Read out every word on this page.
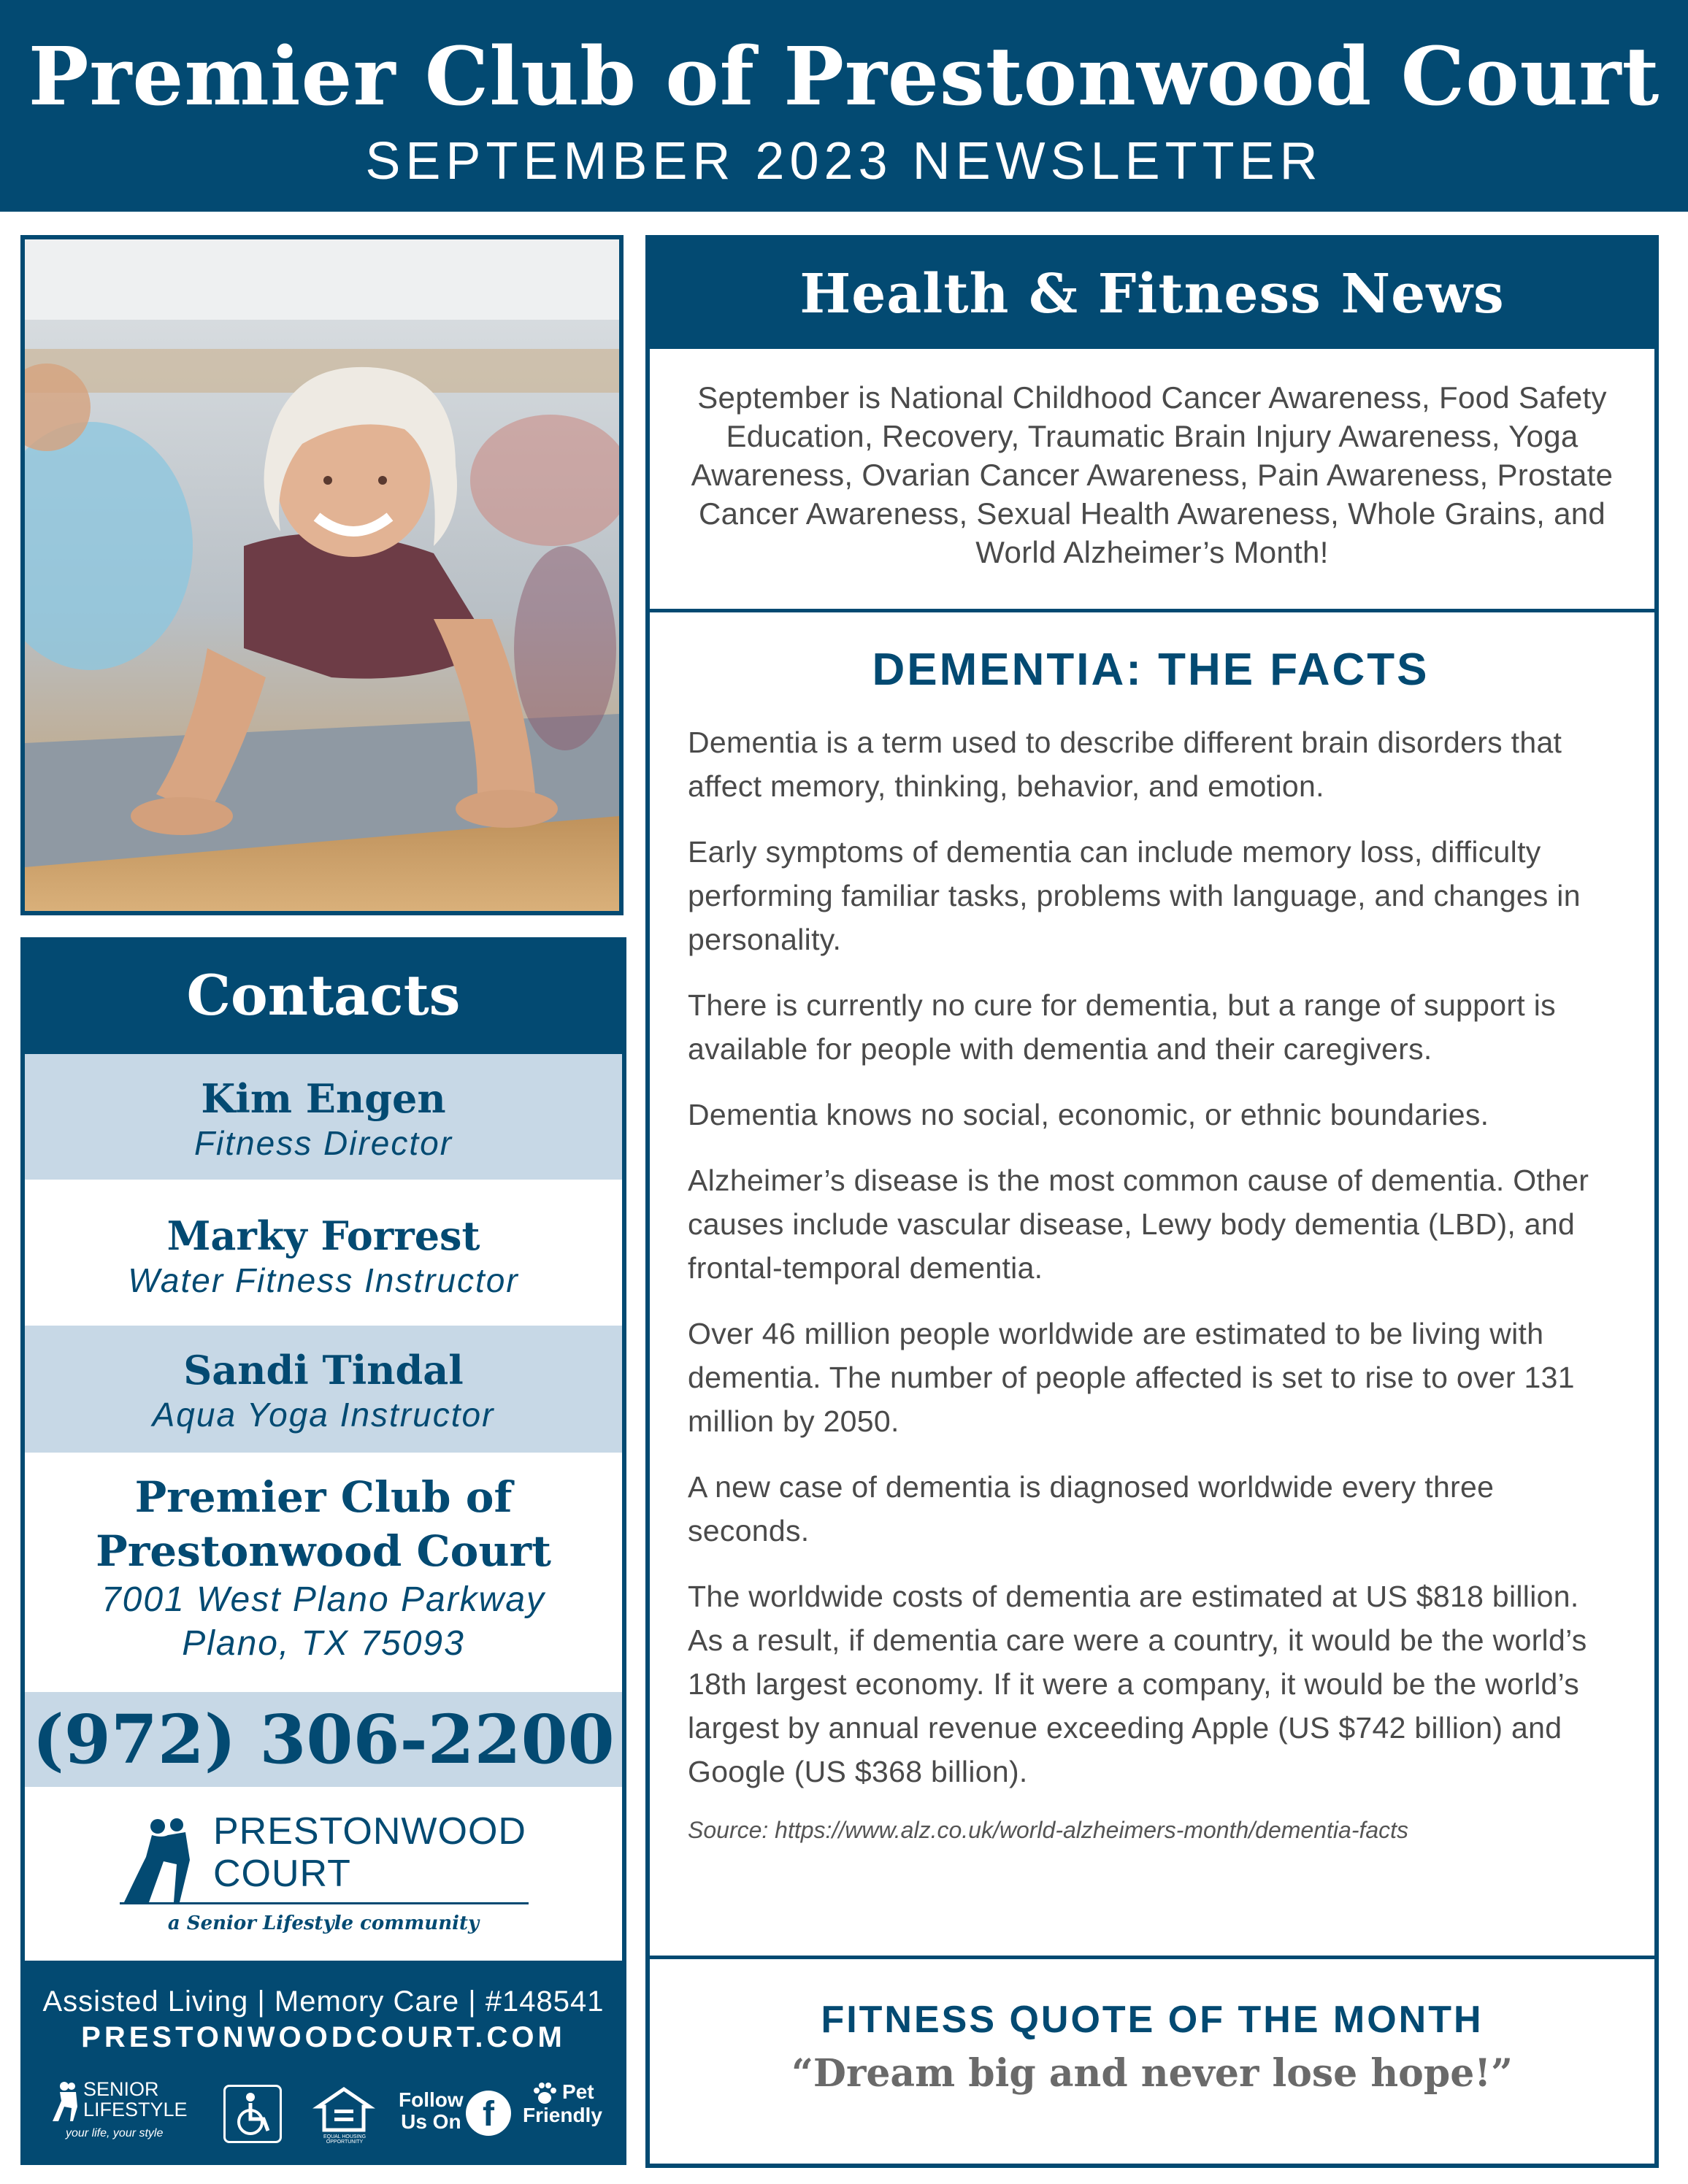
Premier Club of Prestonwood Court
SEPTEMBER 2023 NEWSLETTER
Contacts
Kim Engen
Fitness Director
Marky Forrest
Water Fitness Instructor
Sandi Tindal
Aqua Yoga Instructor
Premier Club of
Prestonwood Court
7001 West Plano Parkway
Plano, TX 75093
(972) 306-2200
PRESTONWOOD
COURT
a Senior Lifestyle community
Assisted Living | Memory Care | #148541
PRESTONWOODCOURT.COM
SENIOR
LIFESTYLE
your life, your style	EQUAL HOUSING OPPORTUNITY
Follow
Us On f
Pet
Friendly
Health & Fitness News
September is National Childhood Cancer Awareness, Food Safety Education, Recovery, Traumatic Brain Injury Awareness, Yoga Awareness, Ovarian Cancer Awareness, Pain Awareness, Prostate Cancer Awareness, Sexual Health Awareness, Whole Grains, and World Alzheimer’s Month!
DEMENTIA: THE FACTS

Dementia is a term used to describe different brain disorders that affect memory, thinking, behavior, and emotion.

Early symptoms of dementia can include memory loss, difficulty performing familiar tasks, problems with language, and changes in personality.

There is currently no cure for dementia, but a range of support is available for people with dementia and their caregivers.

Dementia knows no social, economic, or ethnic boundaries.

Alzheimer’s disease is the most common cause of dementia. Other causes include vascular disease, Lewy body dementia (LBD), and frontal-temporal dementia.

Over 46 million people worldwide are estimated to be living with dementia. The number of people affected is set to rise to over 131 million by 2050.

A new case of dementia is diagnosed worldwide every three seconds.

The worldwide costs of dementia are estimated at US $818 billion. As a result, if dementia care were a country, it would be the world’s 18th largest economy. If it were a company, it would be the world’s largest by annual revenue exceeding Apple (US $742 billion) and Google (US $368 billion).

Source: https://www.alz.co.uk/world-alzheimers-month/dementia-facts
FITNESS QUOTE OF THE MONTH
“Dream big and never lose hope!”
